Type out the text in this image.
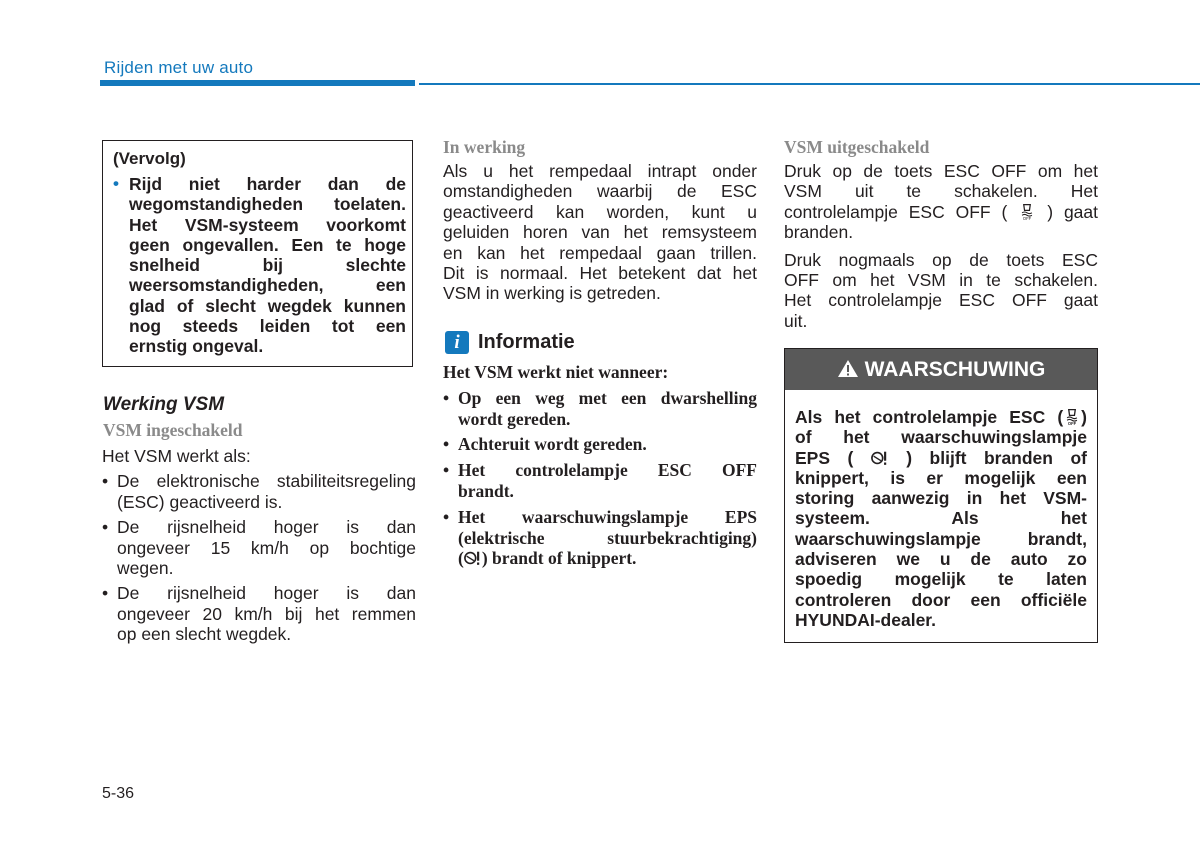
Rijden met uw auto
(Vervolg)
• Rijd niet harder dan de
wegomstandigheden toelaten.
Het VSM-systeem voorkomt
geen ongevallen. Een te hoge
snelheid bij slechte
weersomstandigheden, een
glad of slecht wegdek kunnen
nog steeds leiden tot een
ernstig ongeval.
Werking VSM
VSM ingeschakeld
Het VSM werkt als:
• De elektronische stabiliteitsregeling
(ESC) geactiveerd is.
• De rijsnelheid hoger is dan
ongeveer 15 km/h op bochtige
wegen.
• De rijsnelheid hoger is dan
ongeveer 20 km/h bij het remmen
op een slecht wegdek.
In werking
Als u het rempedaal intrapt onder
omstandigheden waarbij de ESC
geactiveerd kan worden, kunt u
geluiden horen van het remsysteem
en kan het rempedaal gaan trillen.
Dit is normaal. Het betekent dat het
VSM in werking is getreden.
i Informatie
Het VSM werkt niet wanneer:
• Op een weg met een dwarshelling
wordt gereden.
• Achteruit wordt gereden.
• Het controlelampje ESC OFF
brandt.
• Het waarschuwingslampje EPS
(elektrische stuurbekrachtiging)
( ) brandt of knippert.
VSM uitgeschakeld
Druk op de toets ESC OFF om het
VSM uit te schakelen. Het
controlelampje ESC OFF (	OFF ) gaat
branden.
Druk nogmaals op de toets ESC
OFF om het VSM in te schakelen.
Het controlelampje ESC OFF gaat
uit.
WAARSCHUWING
Als het controlelampje ESC ( OFF )
of het waarschuwingslampje
EPS (	) blijft branden of
knippert, is er mogelijk een
storing aanwezig in het VSM-
systeem. Als het
waarschuwingslampje brandt,
adviseren we u de auto zo
spoedig mogelijk te laten
controleren door een officiële
HYUNDAI-dealer.
5-36
